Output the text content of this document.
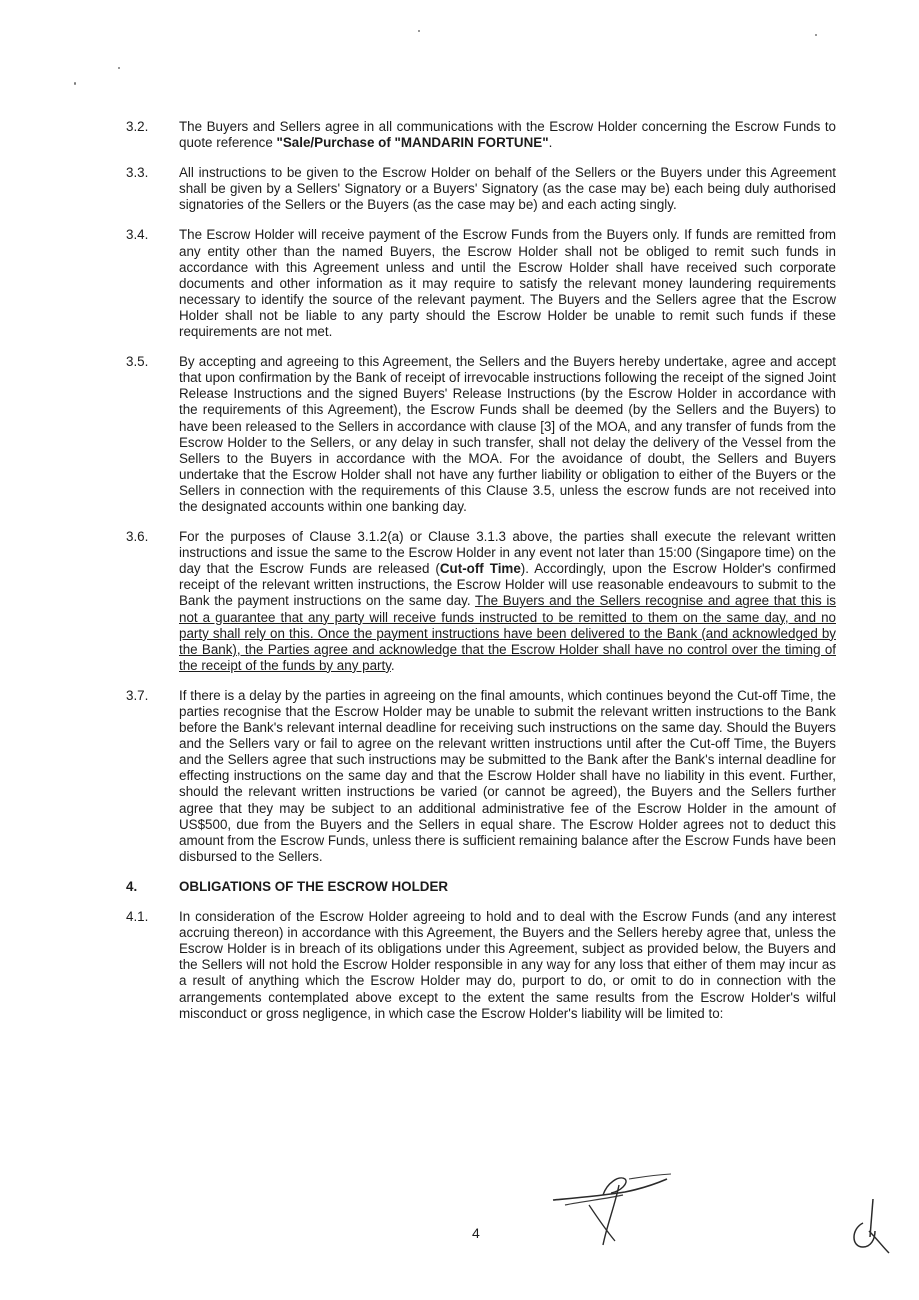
3.2.	The Buyers and Sellers agree in all communications with the Escrow Holder concerning the Escrow Funds to quote reference "Sale/Purchase of "MANDARIN FORTUNE".
3.3.	All instructions to be given to the Escrow Holder on behalf of the Sellers or the Buyers under this Agreement shall be given by a Sellers' Signatory or a Buyers' Signatory (as the case may be) each being duly authorised signatories of the Sellers or the Buyers (as the case may be) and each acting singly.
3.4.	The Escrow Holder will receive payment of the Escrow Funds from the Buyers only. If funds are remitted from any entity other than the named Buyers, the Escrow Holder shall not be obliged to remit such funds in accordance with this Agreement unless and until the Escrow Holder shall have received such corporate documents and other information as it may require to satisfy the relevant money laundering requirements necessary to identify the source of the relevant payment. The Buyers and the Sellers agree that the Escrow Holder shall not be liable to any party should the Escrow Holder be unable to remit such funds if these requirements are not met.
3.5.	By accepting and agreeing to this Agreement, the Sellers and the Buyers hereby undertake, agree and accept that upon confirmation by the Bank of receipt of irrevocable instructions following the receipt of the signed Joint Release Instructions and the signed Buyers' Release Instructions (by the Escrow Holder in accordance with the requirements of this Agreement), the Escrow Funds shall be deemed (by the Sellers and the Buyers) to have been released to the Sellers in accordance with clause [3] of the MOA, and any transfer of funds from the Escrow Holder to the Sellers, or any delay in such transfer, shall not delay the delivery of the Vessel from the Sellers to the Buyers in accordance with the MOA. For the avoidance of doubt, the Sellers and Buyers undertake that the Escrow Holder shall not have any further liability or obligation to either of the Buyers or the Sellers in connection with the requirements of this Clause 3.5, unless the escrow funds are not received into the designated accounts within one banking day.
3.6.	For the purposes of Clause 3.1.2(a) or Clause 3.1.3 above, the parties shall execute the relevant written instructions and issue the same to the Escrow Holder in any event not later than 15:00 (Singapore time) on the day that the Escrow Funds are released (Cut-off Time). Accordingly, upon the Escrow Holder's confirmed receipt of the relevant written instructions, the Escrow Holder will use reasonable endeavours to submit to the Bank the payment instructions on the same day. The Buyers and the Sellers recognise and agree that this is not a guarantee that any party will receive funds instructed to be remitted to them on the same day, and no party shall rely on this. Once the payment instructions have been delivered to the Bank (and acknowledged by the Bank), the Parties agree and acknowledge that the Escrow Holder shall have no control over the timing of the receipt of the funds by any party.
3.7.	If there is a delay by the parties in agreeing on the final amounts, which continues beyond the Cut-off Time, the parties recognise that the Escrow Holder may be unable to submit the relevant written instructions to the Bank before the Bank's relevant internal deadline for receiving such instructions on the same day. Should the Buyers and the Sellers vary or fail to agree on the relevant written instructions until after the Cut-off Time, the Buyers and the Sellers agree that such instructions may be submitted to the Bank after the Bank's internal deadline for effecting instructions on the same day and that the Escrow Holder shall have no liability in this event. Further, should the relevant written instructions be varied (or cannot be agreed), the Buyers and the Sellers further agree that they may be subject to an additional administrative fee of the Escrow Holder in the amount of US$500, due from the Buyers and the Sellers in equal share. The Escrow Holder agrees not to deduct this amount from the Escrow Funds, unless there is sufficient remaining balance after the Escrow Funds have been disbursed to the Sellers.
4.	OBLIGATIONS OF THE ESCROW HOLDER
4.1.	In consideration of the Escrow Holder agreeing to hold and to deal with the Escrow Funds (and any interest accruing thereon) in accordance with this Agreement, the Buyers and the Sellers hereby agree that, unless the Escrow Holder is in breach of its obligations under this Agreement, subject as provided below, the Buyers and the Sellers will not hold the Escrow Holder responsible in any way for any loss that either of them may incur as a result of anything which the Escrow Holder may do, purport to do, or omit to do in connection with the arrangements contemplated above except to the extent the same results from the Escrow Holder's wilful misconduct or gross negligence, in which case the Escrow Holder's liability will be limited to:
4
